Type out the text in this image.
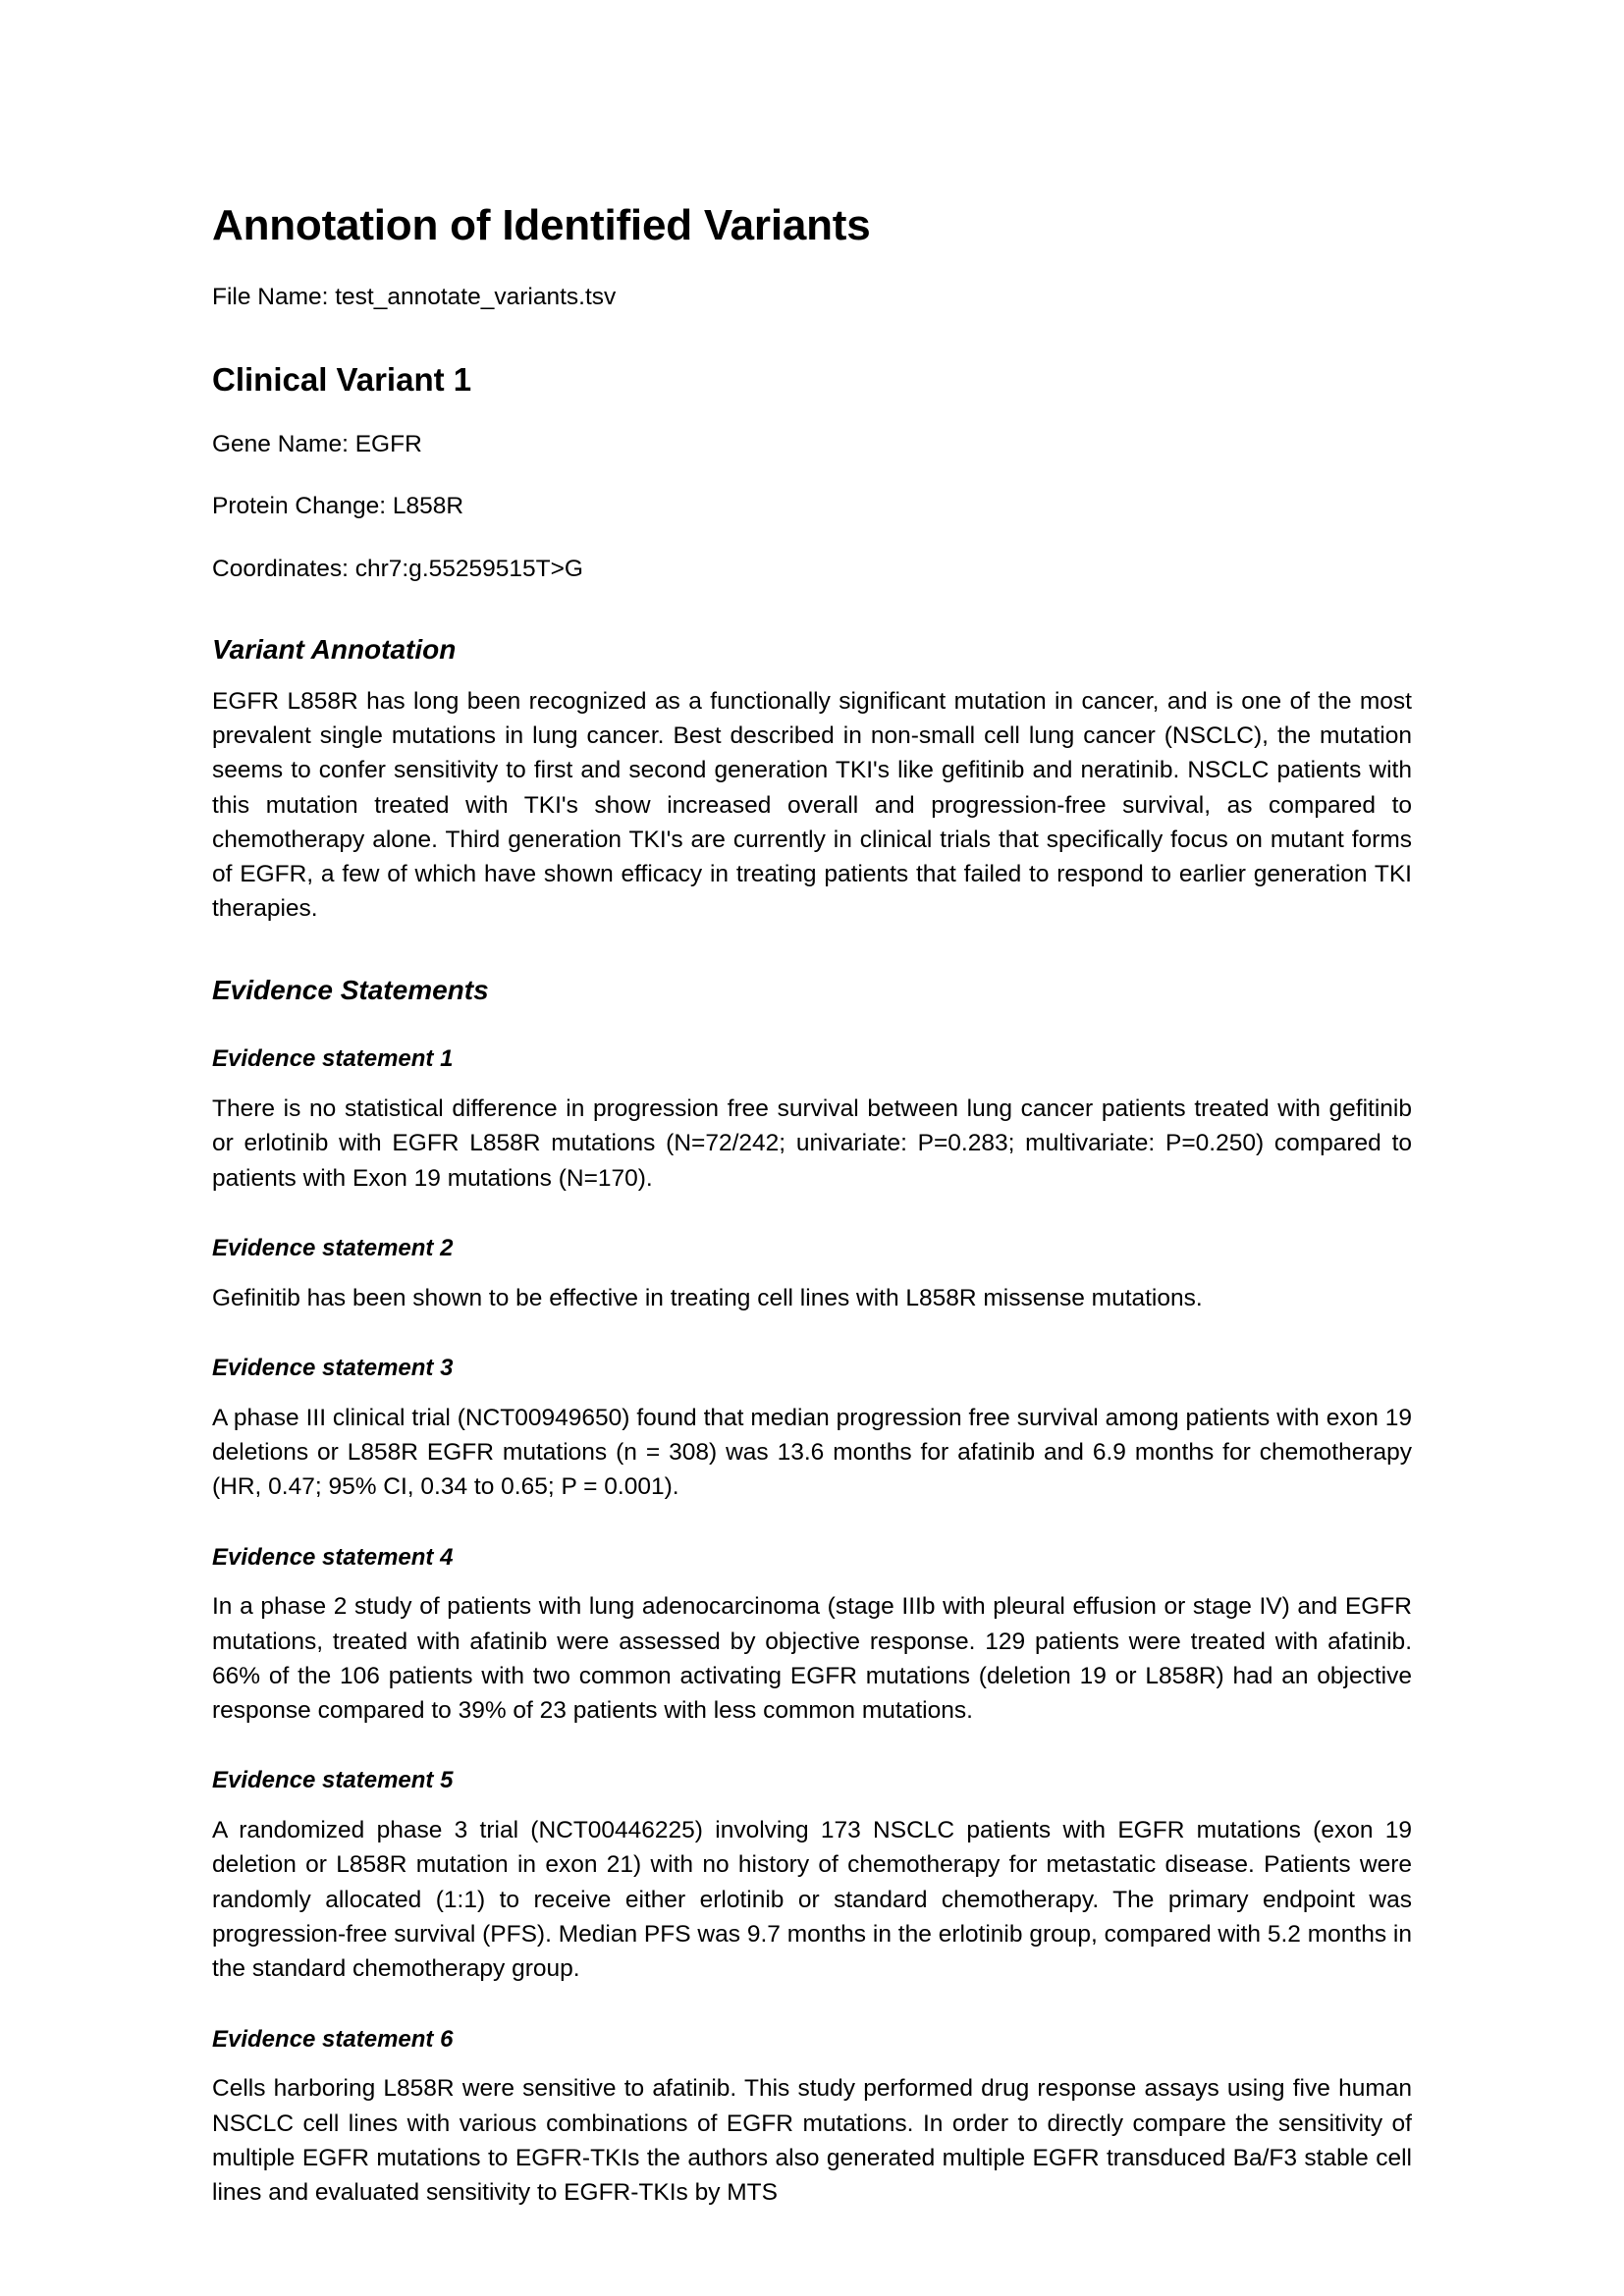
Annotation of Identified Variants

File Name: test_annotate_variants.tsv

Clinical Variant 1

Gene Name: EGFR

Protein Change: L858R

Coordinates: chr7:g.55259515T>G

Variant Annotation

EGFR L858R has long been recognized as a functionally significant mutation in cancer, and is one of the most prevalent single mutations in lung cancer. Best described in non-small cell lung cancer (NSCLC), the mutation seems to confer sensitivity to first and second generation TKI's like gefitinib and neratinib. NSCLC patients with this mutation treated with TKI's show increased overall and progression-free survival, as compared to chemotherapy alone. Third generation TKI's are currently in clinical trials that specifically focus on mutant forms of EGFR, a few of which have shown efficacy in treating patients that failed to respond to earlier generation TKI therapies.

Evidence Statements
Evidence statement 1

There is no statistical difference in progression free survival between lung cancer patients treated with gefitinib or erlotinib with EGFR L858R mutations (N=72/242; univariate: P=0.283; multivariate: P=0.250) compared to patients with Exon 19 mutations (N=170).

Evidence statement 2

Gefinitib has been shown to be effective in treating cell lines with L858R missense mutations.

Evidence statement 3

A phase III clinical trial (NCT00949650) found that median progression free survival among patients with exon 19 deletions or L858R EGFR mutations (n = 308) was 13.6 months for afatinib and 6.9 months for chemotherapy (HR, 0.47; 95% CI, 0.34 to 0.65; P = 0.001).

Evidence statement 4

In a phase 2 study of patients with lung adenocarcinoma (stage IIIb with pleural effusion or stage IV) and EGFR mutations, treated with afatinib were assessed by objective response. 129 patients were treated with afatinib. 66% of the 106 patients with two common activating EGFR mutations (deletion 19 or L858R) had an objective response compared to 39% of 23 patients with less common mutations.

Evidence statement 5

A randomized phase 3 trial (NCT00446225) involving 173 NSCLC patients with EGFR mutations (exon 19 deletion or L858R mutation in exon 21) with no history of chemotherapy for metastatic disease. Patients were randomly allocated (1:1) to receive either erlotinib or standard chemotherapy. The primary endpoint was progression-free survival (PFS). Median PFS was 9.7 months in the erlotinib group, compared with 5.2 months in the standard chemotherapy group.

Evidence statement 6

Cells harboring L858R were sensitive to afatinib. This study performed drug response assays using five human NSCLC cell lines with various combinations of EGFR mutations. In order to directly compare the sensitivity of multiple EGFR mutations to EGFR-TKIs the authors also generated multiple EGFR transduced Ba/F3 stable cell lines and evaluated sensitivity to EGFR-TKIs by MTS
